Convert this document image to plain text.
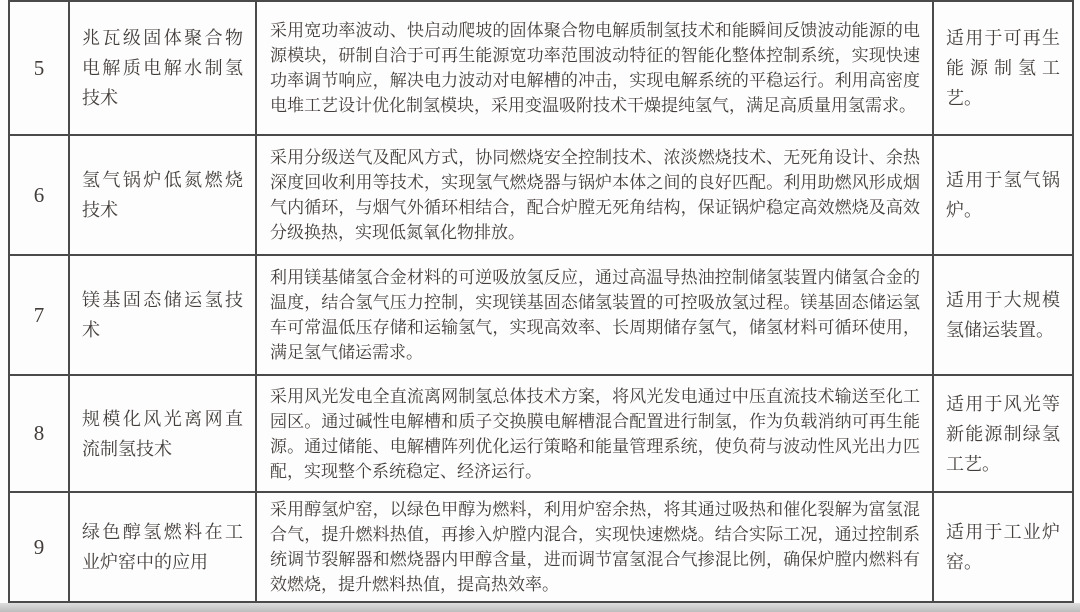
5	兆瓦级固体聚合物电解质电解水制氢技术	采用宽功率波动、快启动爬坡的固体聚合物电解质制氢技术和能瞬间反馈波动能源的电源模块，研制自洽于可再生能源宽功率范围波动特征的智能化整体控制系统，实现快速功率调节响应，解决电力波动对电解槽的冲击，实现电解系统的平稳运行。利用高密度电堆工艺设计优化制氢模块，采用变温吸附技术干燥提纯氢气，满足高质量用氢需求。	适用于可再生能源制氢工艺。
6	氢气锅炉低氮燃烧技术	采用分级送气及配风方式，协同燃烧安全控制技术、浓淡燃烧技术、无死角设计、余热深度回收利用等技术，实现氢气燃烧器与锅炉本体之间的良好匹配。利用助燃风形成烟气内循环，与烟气外循环相结合，配合炉膛无死角结构，保证锅炉稳定高效燃烧及高效分级换热，实现低氮氧化物排放。	适用于氢气锅炉。
7	镁基固态储运氢技术	利用镁基储氢合金材料的可逆吸放氢反应，通过高温导热油控制储氢装置内储氢合金的温度，结合氢气压力控制，实现镁基固态储氢装置的可控吸放氢过程。镁基固态储运氢车可常温低压存储和运输氢气，实现高效率、长周期储存氢气，储氢材料可循环使用，满足氢气储运需求。	适用于大规模氢储运装置。
8	规模化风光离网直流制氢技术	采用风光发电全直流离网制氢总体技术方案，将风光发电通过中压直流技术输送至化工园区。通过碱性电解槽和质子交换膜电解槽混合配置进行制氢，作为负载消纳可再生能源。通过储能、电解槽阵列优化运行策略和能量管理系统，使负荷与波动性风光出力匹配，实现整个系统稳定、经济运行。	适用于风光等新能源制绿氢工艺。
9	绿色醇氢燃料在工业炉窑中的应用	采用醇氢炉窑，以绿色甲醇为燃料，利用炉窑余热，将其通过吸热和催化裂解为富氢混合气，提升燃料热值，再掺入炉膛内混合，实现快速燃烧。结合实际工况，通过控制系统调节裂解器和燃烧器内甲醇含量，进而调节富氢混合气掺混比例，确保炉膛内燃料有效燃烧，提升燃料热值，提高热效率。	适用于工业炉窑。
